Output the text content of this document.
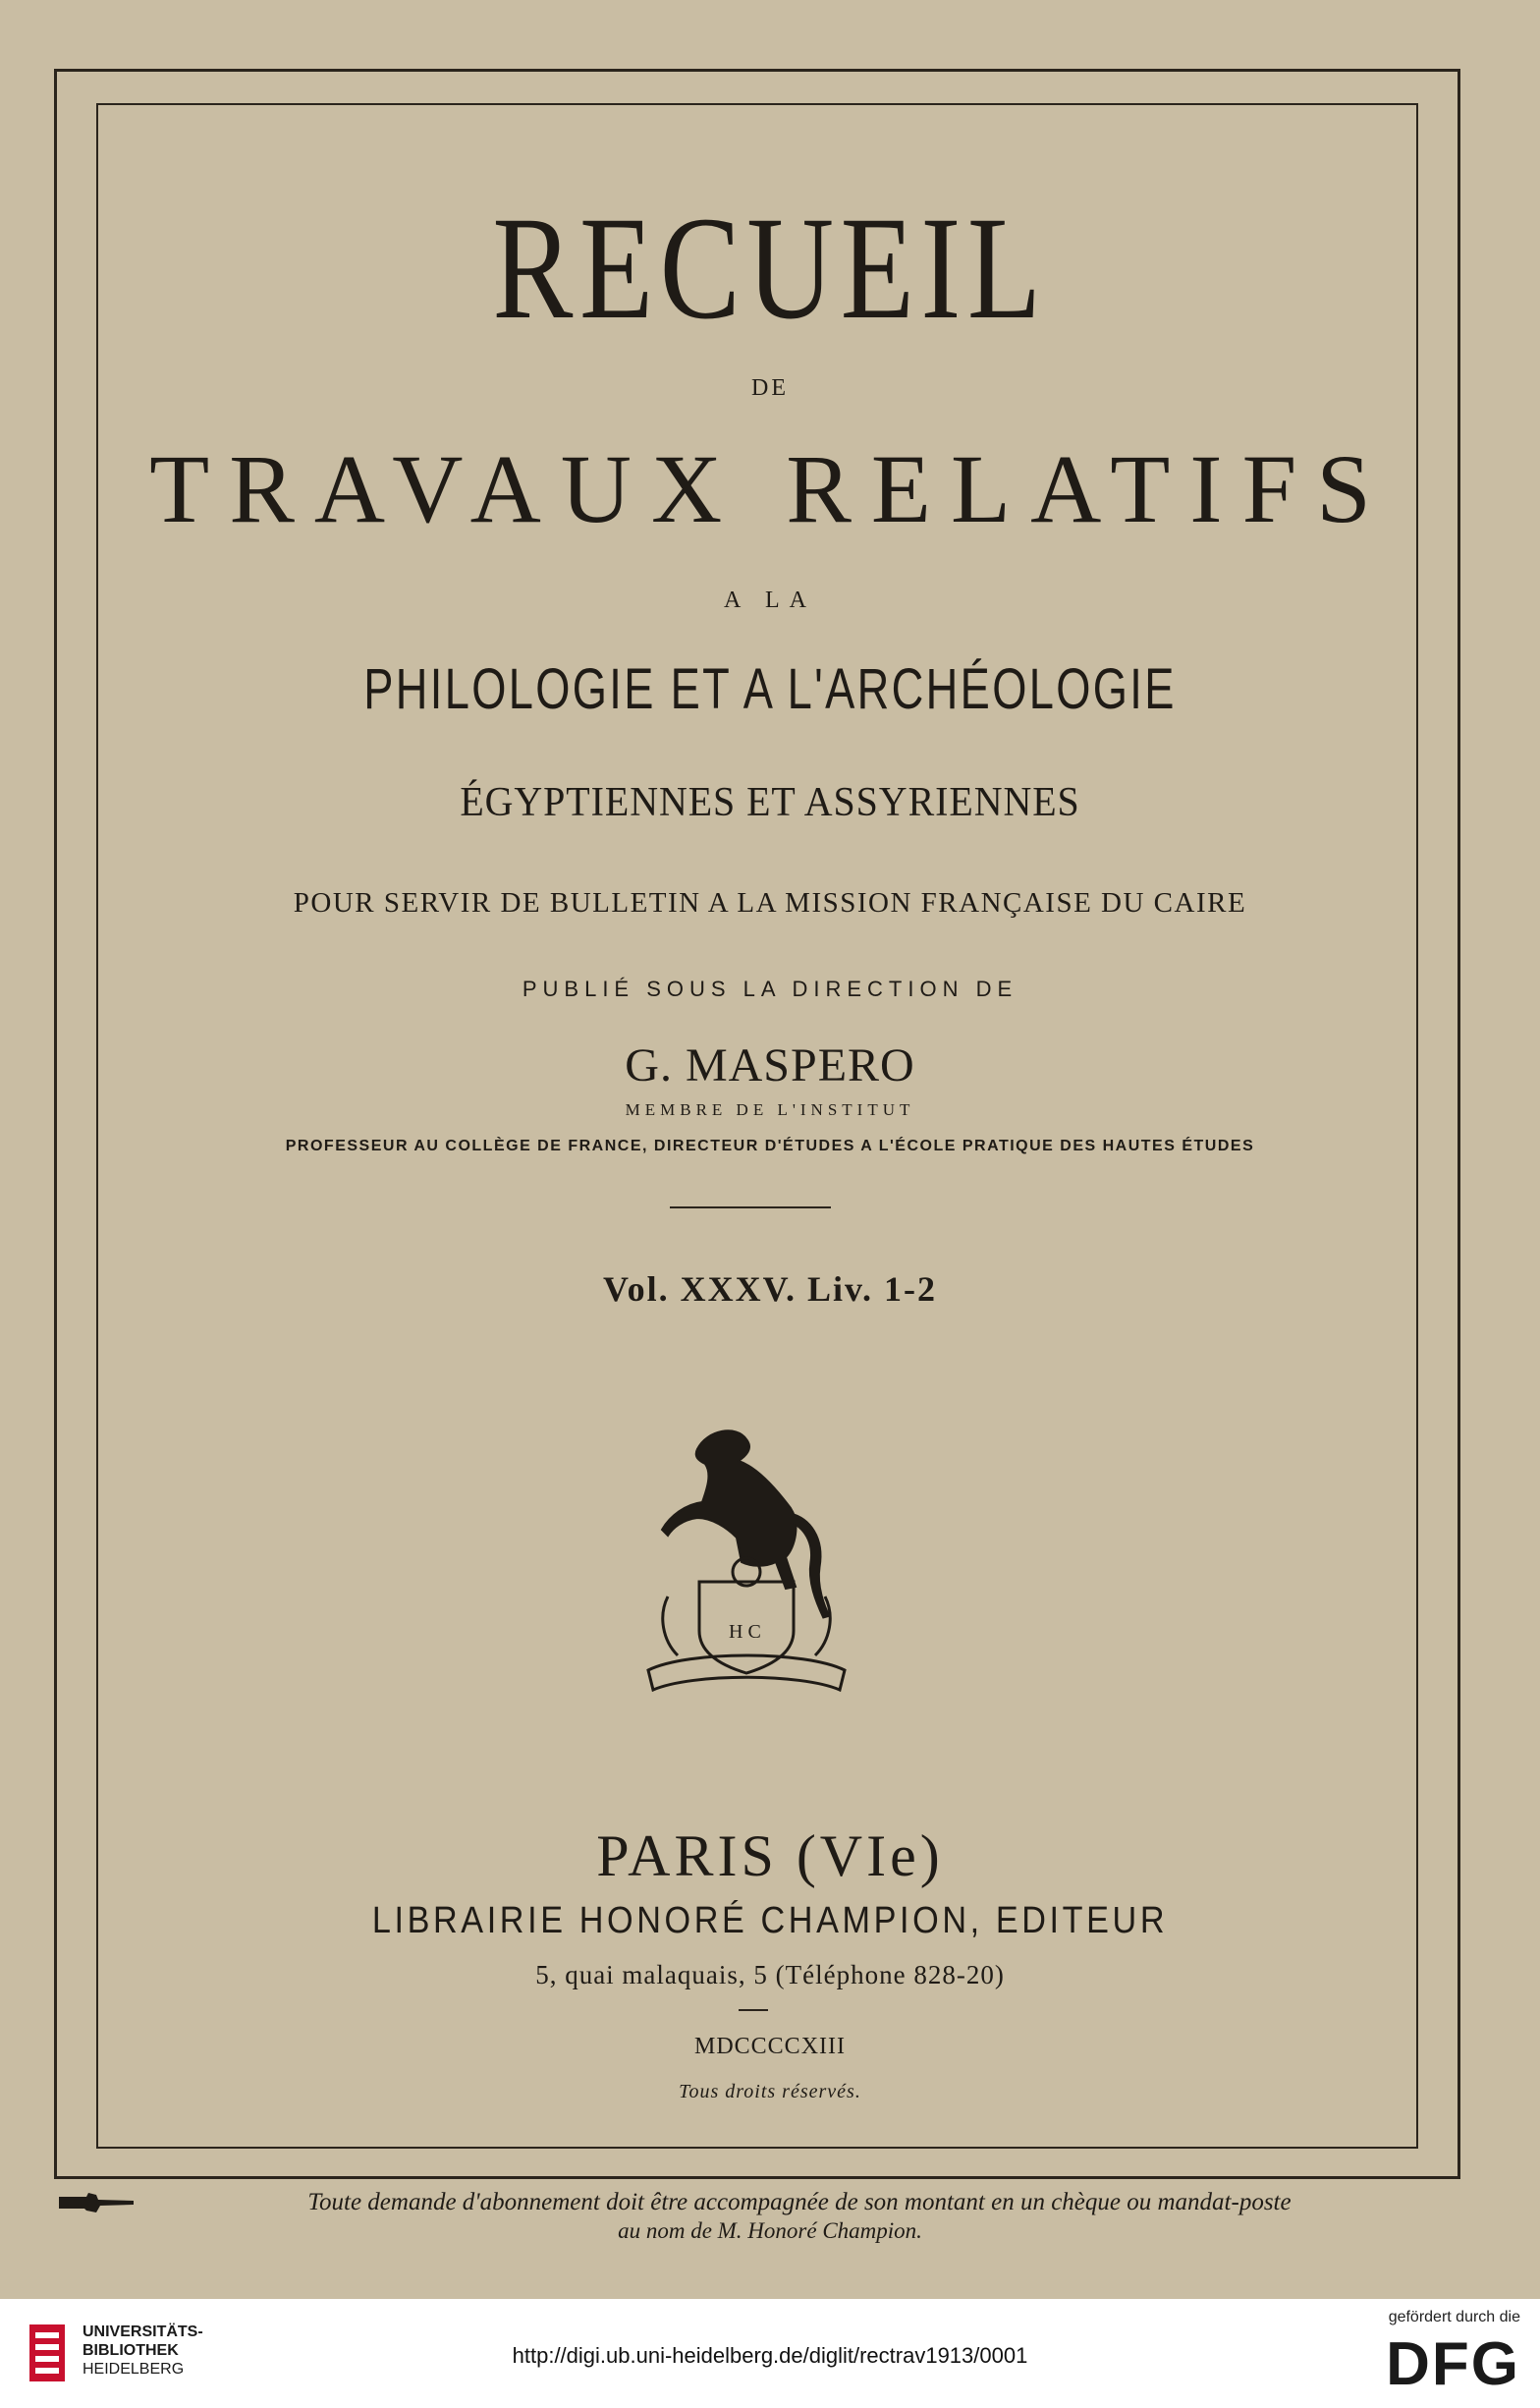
RECUEIL
DE
TRAVAUX RELATIFS
A LA
PHILOLOGIE ET A L'ARCHÉOLOGIE
ÉGYPTIENNES ET ASSYRIENNES
POUR SERVIR DE BULLETIN A LA MISSION FRANÇAISE DU CAIRE
PUBLIÉ SOUS LA DIRECTION DE
G. MASPERO
MEMBRE DE L'INSTITUT
PROFESSEUR AU COLLÈGE DE FRANCE, DIRECTEUR D'ÉTUDES A L'ÉCOLE PRATIQUE DES HAUTES ÉTUDES
Vol. XXXV. Liv. 1-2
H C
PARIS (VIe)
LIBRAIRIE HONORÉ CHAMPION, EDITEUR
5, quai malaquais, 5 (Téléphone 828-20)
MDCCCCXIII
Tous droits réservés.
Toute demande d'abonnement doit être accompagnée de son montant en un chèque ou mandat-poste
au nom de M. Honoré Champion.
UNIVERSITÄTS-
BIBLIOTHEK
HEIDELBERG
http://digi.ub.uni-heidelberg.de/diglit/rectrav1913/0001
gefördert durch die
DFG
